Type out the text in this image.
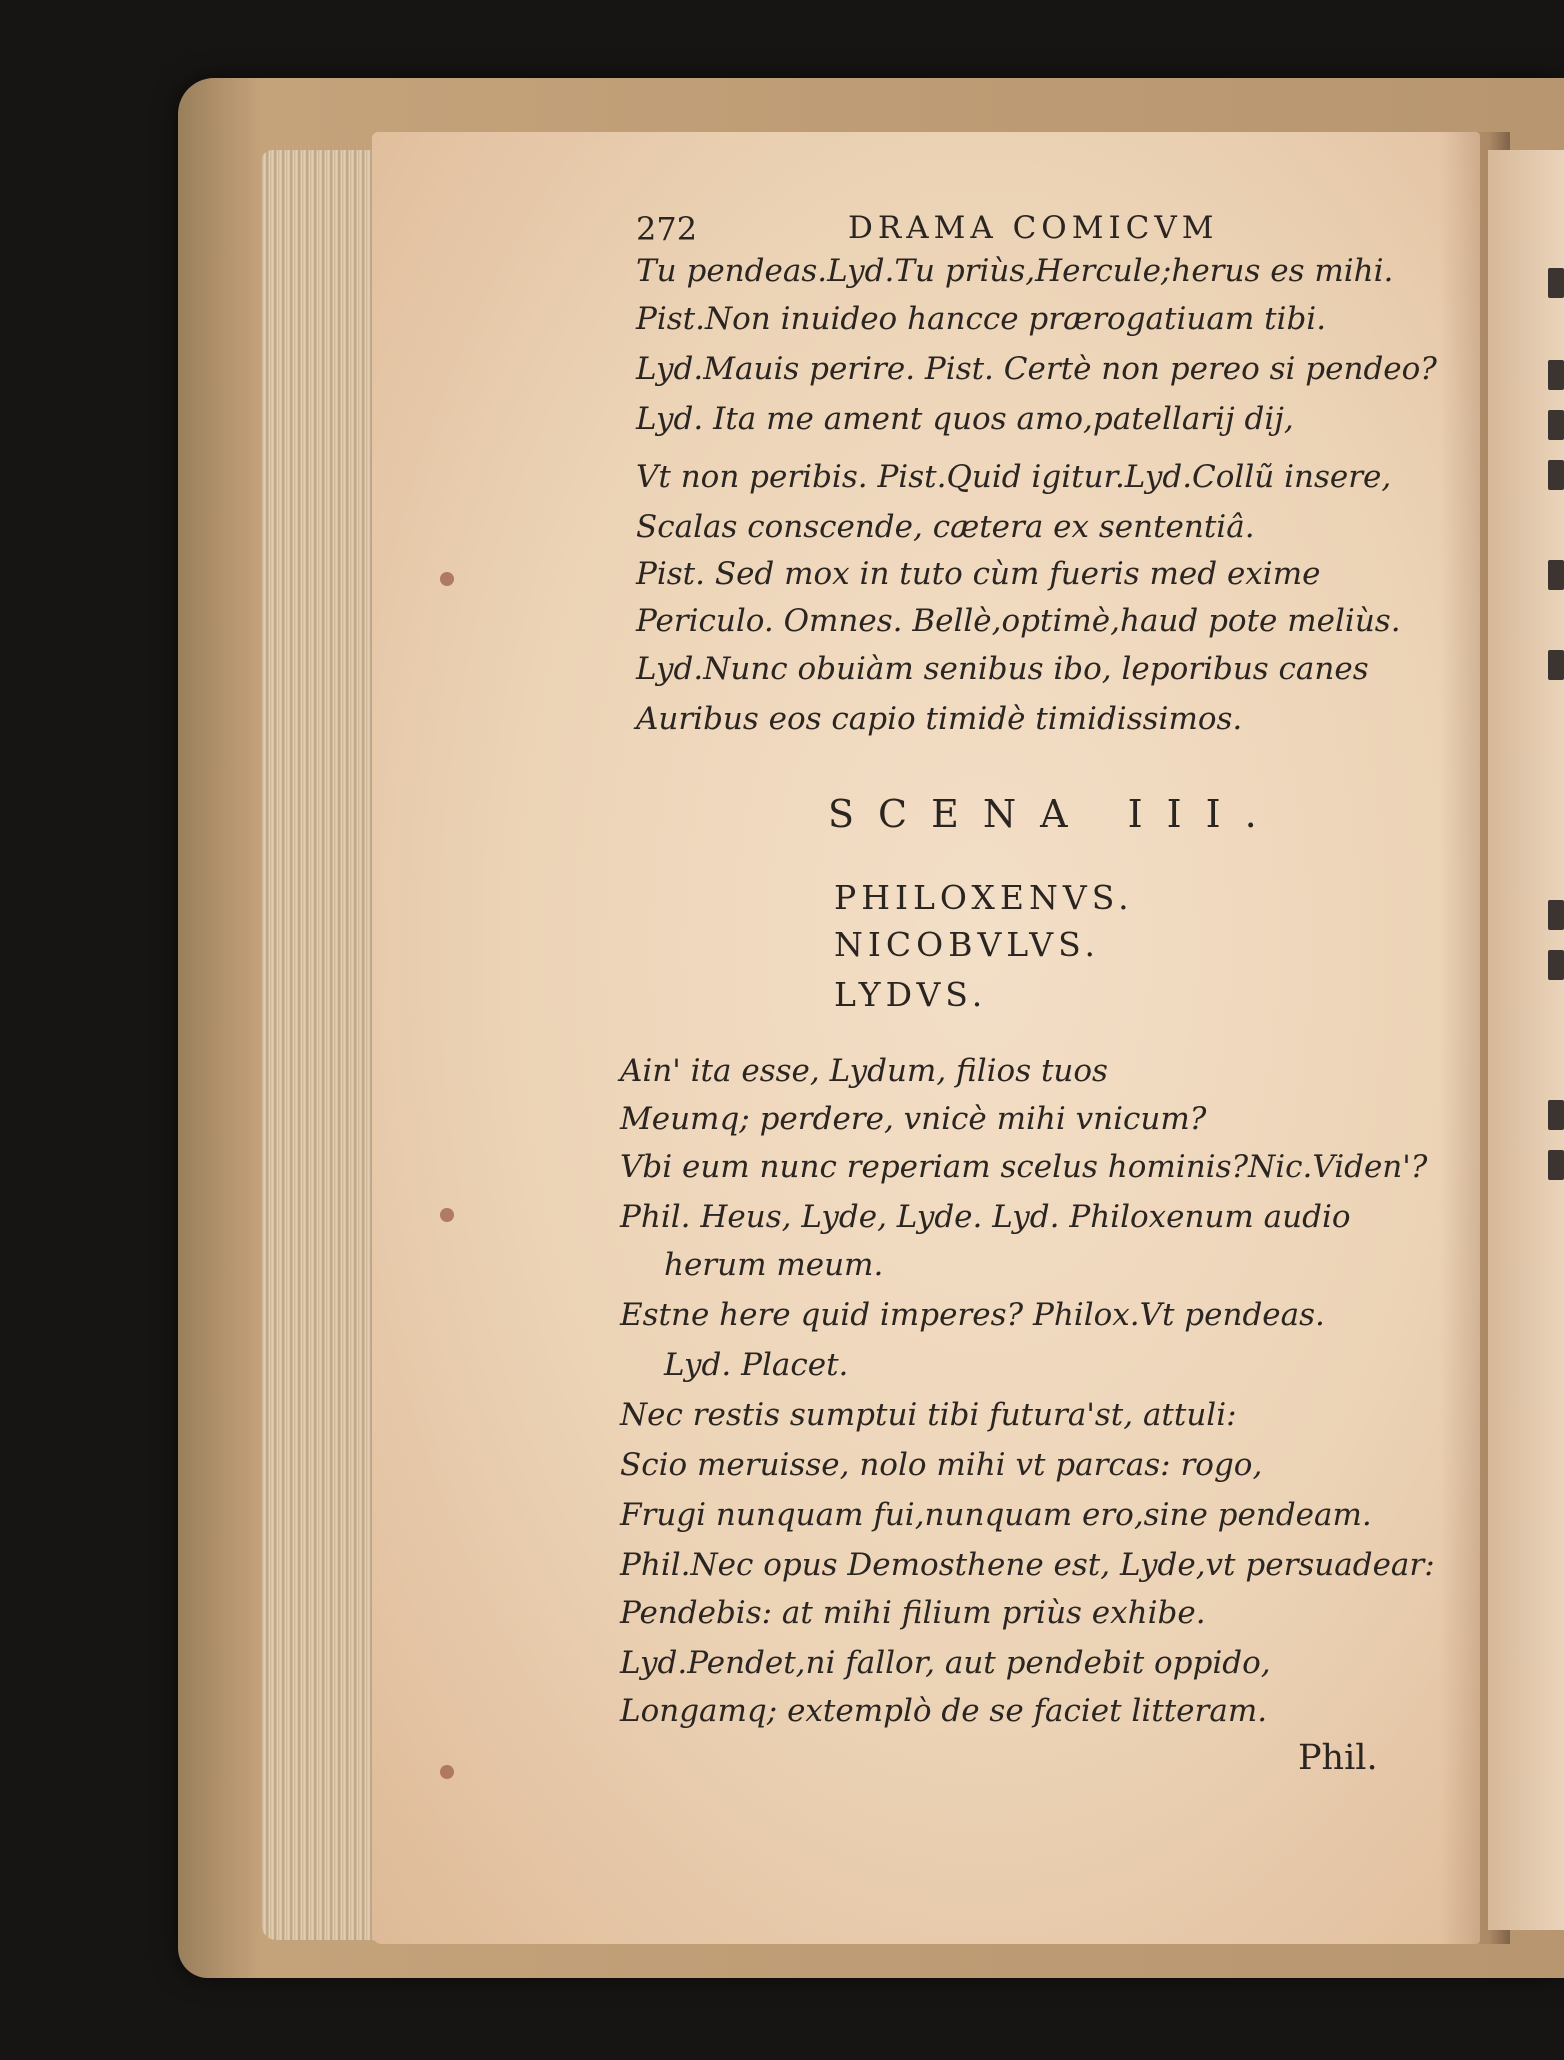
272	DRAMA COMICVM

Tu pendeas.Lyd.Tu priùs,Hercule;herus es mihi.

Pist.Non inuideo hancce prærogatiuam tibi.

Lyd.Mauis perire. Pist. Certè non pereo si pendeo?

Lyd. Ita me ament quos amo,patellarij dij,

Vt non peribis. Pist.Quid igitur.Lyd.Collũ insere,

Scalas conscende, cætera ex sententiâ.

Pist. Sed mox in tuto cùm fueris med exime

Periculo. Omnes. Bellè,optimè,haud pote meliùs.

Lyd.Nunc obuiàm senibus ibo, leporibus canes

Auribus eos capio timidè timidissimos.

SCENA III.

PHILOXENVS.

NICOBVLVS.

LYDVS.

Ain' ita esse, Lydum, filios tuos

Meumq; perdere, vnicè mihi vnicum?

Vbi eum nunc reperiam scelus hominis?Nic.Viden'?

Phil. Heus, Lyde, Lyde. Lyd. Philoxenum audio

herum meum.

Estne here quid imperes? Philox.Vt pendeas.

Lyd. Placet.

Nec restis sumptui tibi futura'st, attuli:

Scio meruisse, nolo mihi vt parcas: rogo,

Frugi nunquam fui,nunquam ero,sine pendeam.

Phil.Nec opus Demosthene est, Lyde,vt persuadear:

Pendebis: at mihi filium priùs exhibe.

Lyd.Pendet,ni fallor, aut pendebit oppido,

Longamq; extemplò de se faciet litteram.

Phil.
